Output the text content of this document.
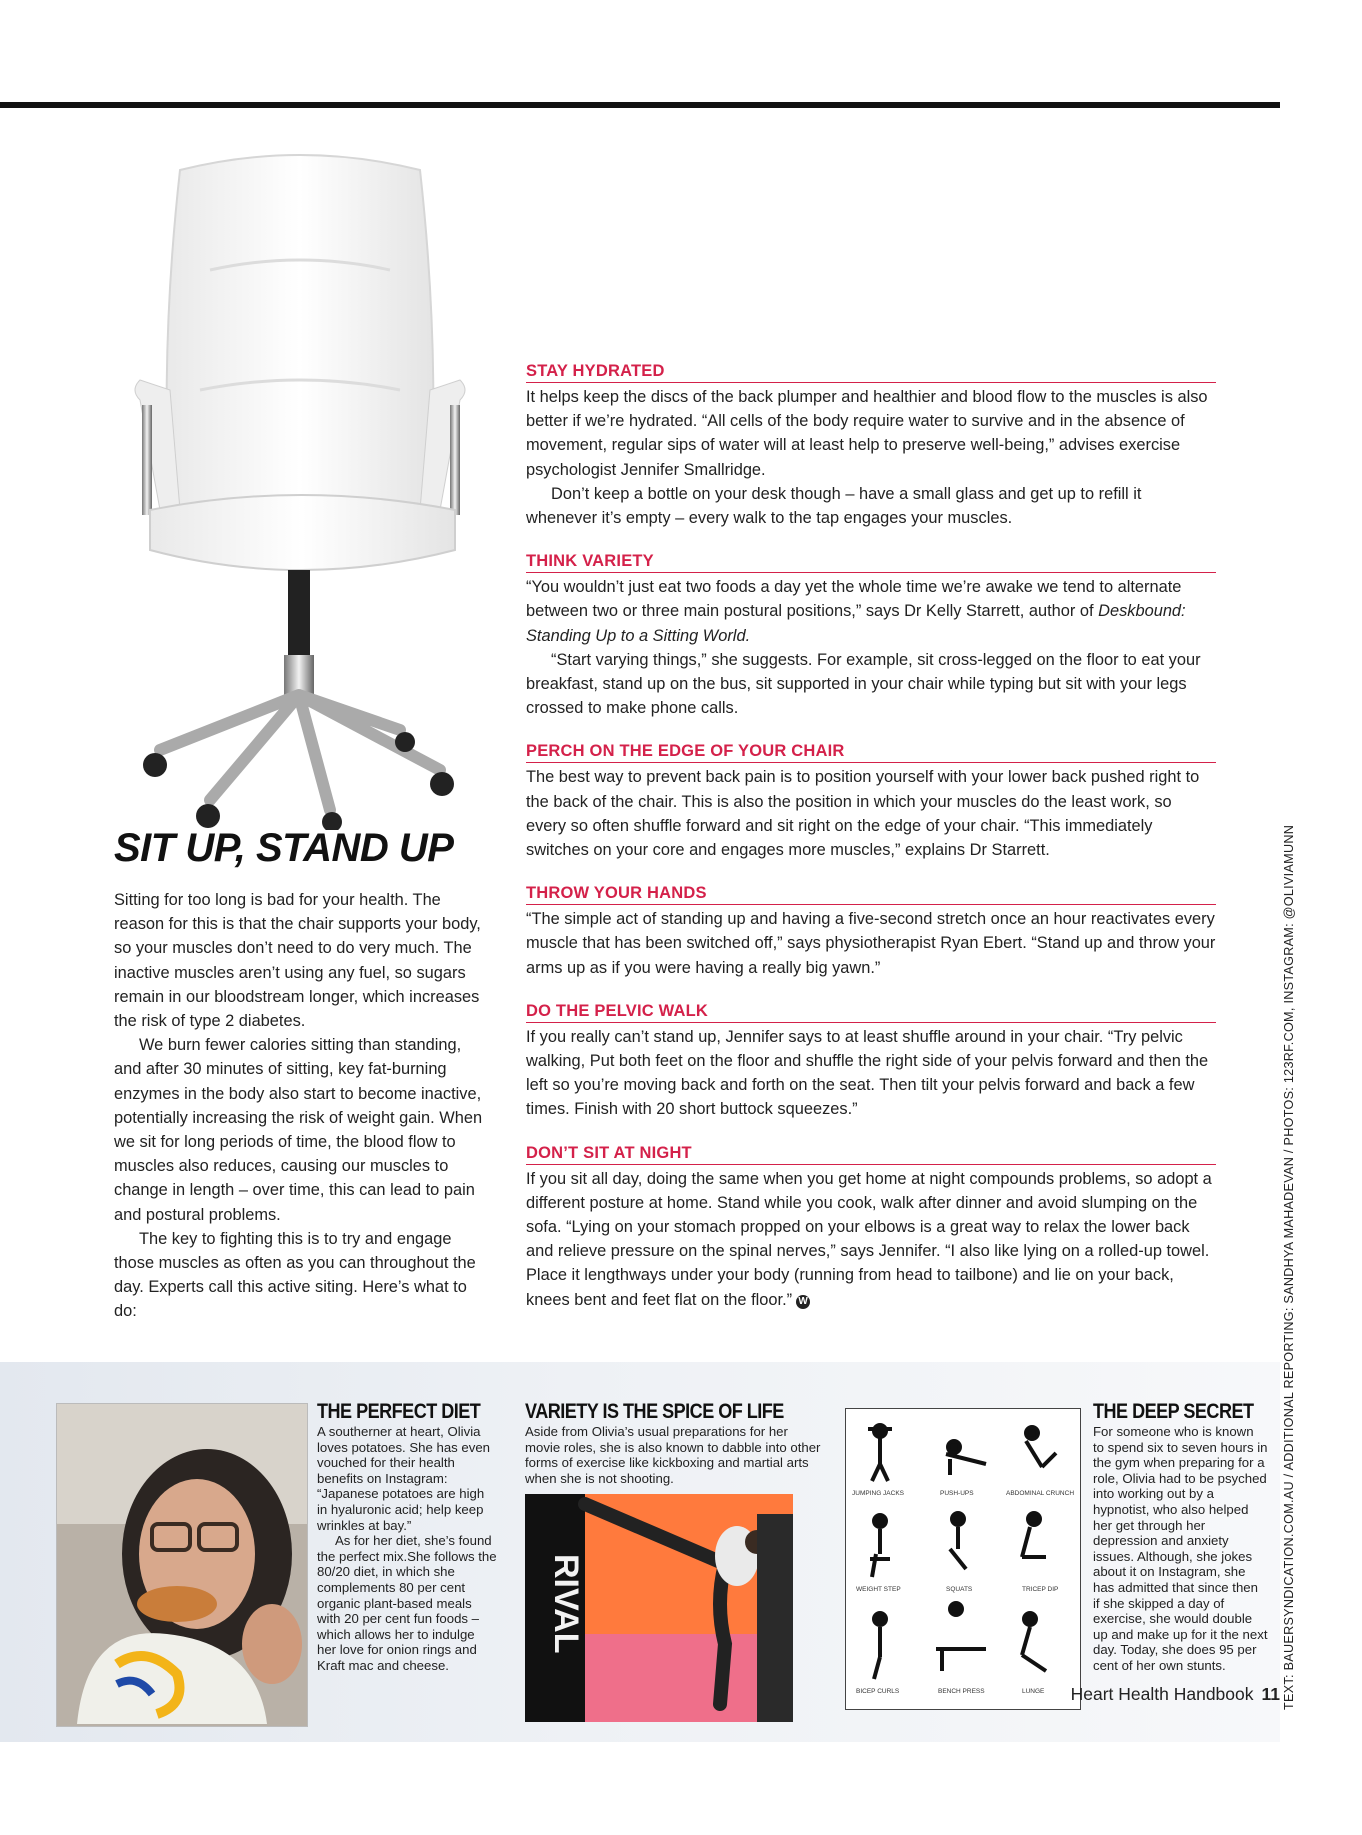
SIT UP, STAND UP

Sitting for too long is bad for your health. The reason for this is that the chair supports your body, so your muscles don’t need to do very much. The inactive muscles aren’t using any fuel, so sugars remain in our bloodstream longer, which increases the risk of type 2 diabetes.

We burn fewer calories sitting than standing, and after 30 minutes of sitting, key fat-burning enzymes in the body also start to become inactive, potentially increasing the risk of weight gain. When we sit for long periods of time, the blood flow to muscles also reduces, causing our muscles to change in length – over time, this can lead to pain and postural problems.

The key to fighting this is to try and engage those muscles as often as you can throughout the day. Experts call this active siting. Here’s what to do:

STAY HYDRATED

It helps keep the discs of the back plumper and healthier and blood flow to the muscles is also better if we’re hydrated. “All cells of the body require water to survive and in the absence of movement, regular sips of water will at least help to preserve well-being,” advises exercise psychologist Jennifer Smallridge.

Don’t keep a bottle on your desk though – have a small glass and get up to refill it whenever it’s empty – every walk to the tap engages your muscles.

THINK VARIETY

“You wouldn’t just eat two foods a day yet the whole time we’re awake we tend to alternate between two or three main postural positions,” says Dr Kelly Starrett, author of Deskbound: Standing Up to a Sitting World.

“Start varying things,” she suggests. For example, sit cross-legged on the floor to eat your breakfast, stand up on the bus, sit supported in your chair while typing but sit with your legs crossed to make phone calls.

PERCH ON THE EDGE OF YOUR CHAIR

The best way to prevent back pain is to position yourself with your lower back pushed right to the back of the chair. This is also the position in which your muscles do the least work, so every so often shuffle forward and sit right on the edge of your chair. “This immediately switches on your core and engages more muscles,” explains Dr Starrett.

THROW YOUR HANDS

“The simple act of standing up and having a five-second stretch once an hour reactivates every muscle that has been switched off,” says physiotherapist Ryan Ebert. “Stand up and throw your arms up as if you were having a really big yawn.”

DO THE PELVIC WALK

If you really can’t stand up, Jennifer says to at least shuffle around in your chair. “Try pelvic walking, Put both feet on the floor and shuffle the right side of your pelvis forward and then the left so you’re moving back and forth on the seat. Then tilt your pelvis forward and back a few times. Finish with 20 short buttock squeezes.”

DON’T SIT AT NIGHT

If you sit all day, doing the same when you get home at night compounds problems, so adopt a different posture at home. Stand while you cook, walk after dinner and avoid slumping on the sofa. “Lying on your stomach propped on your elbows is a great way to relax the lower back and relieve pressure on the spinal nerves,” says Jennifer. “I also like lying on a rolled-up towel. Place it lengthways under your body (running from head to tailbone) and lie on your back, knees bent and feet flat on the floor.” W	TEXT: BAUERSYNDICATION.COM.AU / ADDITIONAL REPORTING: SANDHYA MAHADEVAN / PHOTOS: 123RF.COM, INSTAGRAM: @OLIVIAMUNN
RIVAL
JUMPING JACKS	PUSH-UPS	ABDOMINAL CRUNCH
WEIGHT STEP	SQUATS	TRICEP DIP
BICEP CURLS	BENCH PRESS	LUNGE
THE PERFECT DIET

A southerner at heart, Olivia loves potatoes. She has even vouched for their health benefits on Instagram: “Japanese potatoes are high in hyaluronic acid; help keep wrinkles at bay.”

As for her diet, she’s found the perfect mix.She follows the 80/20 diet, in which she complements 80 per cent organic plant-based meals with 20 per cent fun foods – which allows her to indulge her love for onion rings and Kraft mac and cheese.

VARIETY IS THE SPICE OF LIFE

Aside from Olivia’s usual preparations for her movie roles, she is also known to dabble into other forms of exercise like kickboxing and martial arts when she is not shooting.

THE DEEP SECRET

For someone who is known to spend six to seven hours in the gym when preparing for a role, Olivia had to be psyched into working out by a hypnotist, who also helped her get through her depression and anxiety issues. Although, she jokes about it on Instagram, she has admitted that since then if she skipped a day of exercise, she would double up and make up for it the next day. Today, she does 95 per cent of her own stunts.

Heart Health Handbook 11
